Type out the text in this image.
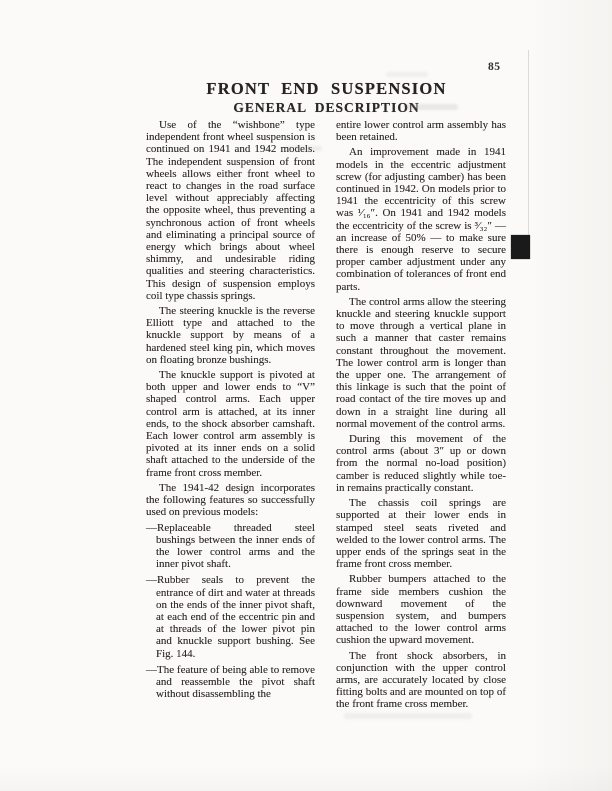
85
FRONT END SUSPENSION
GENERAL DESCRIPTION

Use of the “wishbone” type independent front wheel suspension is continued on 1941 and 1942 models. The independent suspension of front wheels allows either front wheel to react to changes in the road surface level without appreciably affecting the opposite wheel, thus preventing a synchronous action of front wheels and eliminating a principal source of energy which brings about wheel shimmy, and undesirable riding qualities and steering characteristics. This design of suspension employs coil type chassis springs.

The steering knuckle is the reverse Elliott type and attached to the knuckle support by means of a hardened steel king pin, which moves on floating bronze bushings.

The knuckle support is pivoted at both upper and lower ends to “V” shaped control arms. Each upper control arm is attached, at its inner ends, to the shock absorber camshaft. Each lower control arm assembly is pivoted at its inner ends on a solid shaft attached to the underside of the frame front cross member.

The 1941-42 design incorporates the following features so successfully used on previous models:

—Replaceable threaded steel bushings between the inner ends of the lower control arms and the inner pivot shaft.

—Rubber seals to prevent the entrance of dirt and water at threads on the ends of the inner pivot shaft, at each end of the eccentric pin and at threads of the lower pivot pin and knuckle support bushing. See Fig. 144.

—The feature of being able to remove and reassemble the pivot shaft without disassembling the

entire lower control arm assembly has been retained.

An improvement made in 1941 models in the eccentric adjustment screw (for adjusting camber) has been continued in 1942. On models prior to 1941 the eccentricity of this screw was ¹⁄₁₆″. On 1941 and 1942 models the eccentricity of the screw is ³⁄₃₂″ — an increase of 50% — to make sure there is enough reserve to secure proper camber adjustment under any combination of tolerances of front end parts.

The control arms allow the steering knuckle and steering knuckle support to move through a vertical plane in such a manner that caster remains constant throughout the movement. The lower control arm is longer than the upper one. The arrangement of this linkage is such that the point of road contact of the tire moves up and down in a straight line during all normal movement of the control arms.

During this movement of the control arms (about 3″ up or down from the normal no-load position) camber is reduced slightly while toe-in remains practically constant.

The chassis coil springs are supported at their lower ends in stamped steel seats riveted and welded to the lower control arms. The upper ends of the springs seat in the frame front cross member.

Rubber bumpers attached to the frame side members cushion the downward movement of the suspension system, and bumpers attached to the lower control arms cushion the upward movement.

The front shock absorbers, in conjunction with the upper control arms, are accurately located by close fitting bolts and are mounted on top of the front frame cross member.
